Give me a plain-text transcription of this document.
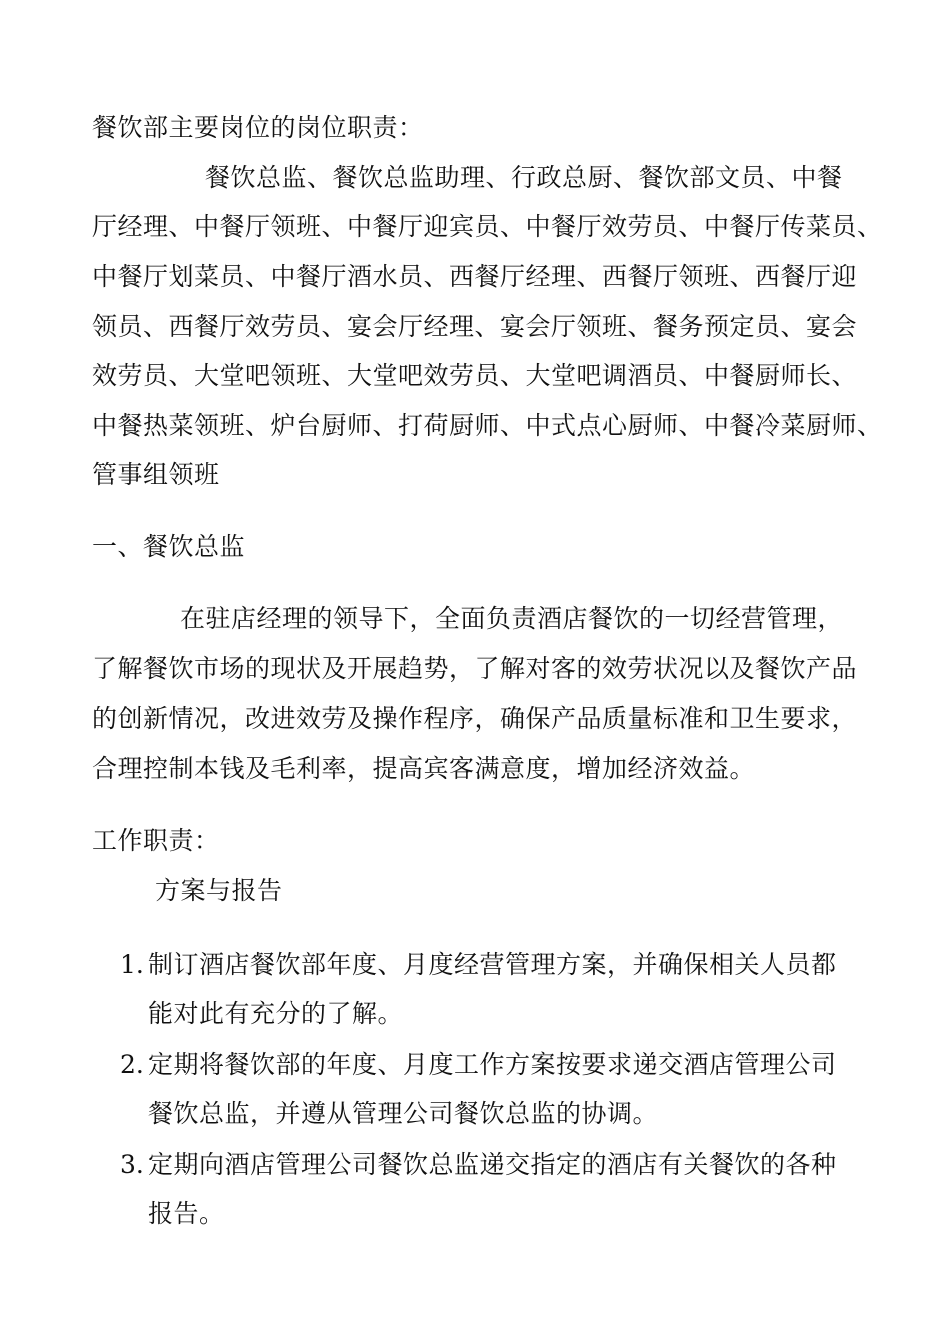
餐饮部主要岗位的岗位职责：
餐饮总监、餐饮总监助理、行政总厨、餐饮部文员、中餐
厅经理、中餐厅领班、中餐厅迎宾员、中餐厅效劳员、中餐厅传菜员、
中餐厅划菜员、中餐厅酒水员、西餐厅经理、西餐厅领班、西餐厅迎
领员、西餐厅效劳员、宴会厅经理、宴会厅领班、餐务预定员、宴会
效劳员、大堂吧领班、大堂吧效劳员、大堂吧调酒员、中餐厨师长、
中餐热菜领班、炉台厨师、打荷厨师、中式点心厨师、中餐冷菜厨师、
管事组领班
一、餐饮总监
在驻店经理的领导下，全面负责酒店餐饮的一切经营管理，
了解餐饮市场的现状及开展趋势，了解对客的效劳状况以及餐饮产品
的创新情况，改进效劳及操作程序，确保产品质量标准和卫生要求，
合理控制本钱及毛利率，提高宾客满意度，增加经济效益。
工作职责：
方案与报告
1. 制订酒店餐饮部年度、月度经营管理方案，并确保相关人员都
能对此有充分的了解。
2. 定期将餐饮部的年度、月度工作方案按要求递交酒店管理公司
餐饮总监，并遵从管理公司餐饮总监的协调。
3. 定期向酒店管理公司餐饮总监递交指定的酒店有关餐饮的各种
报告。
